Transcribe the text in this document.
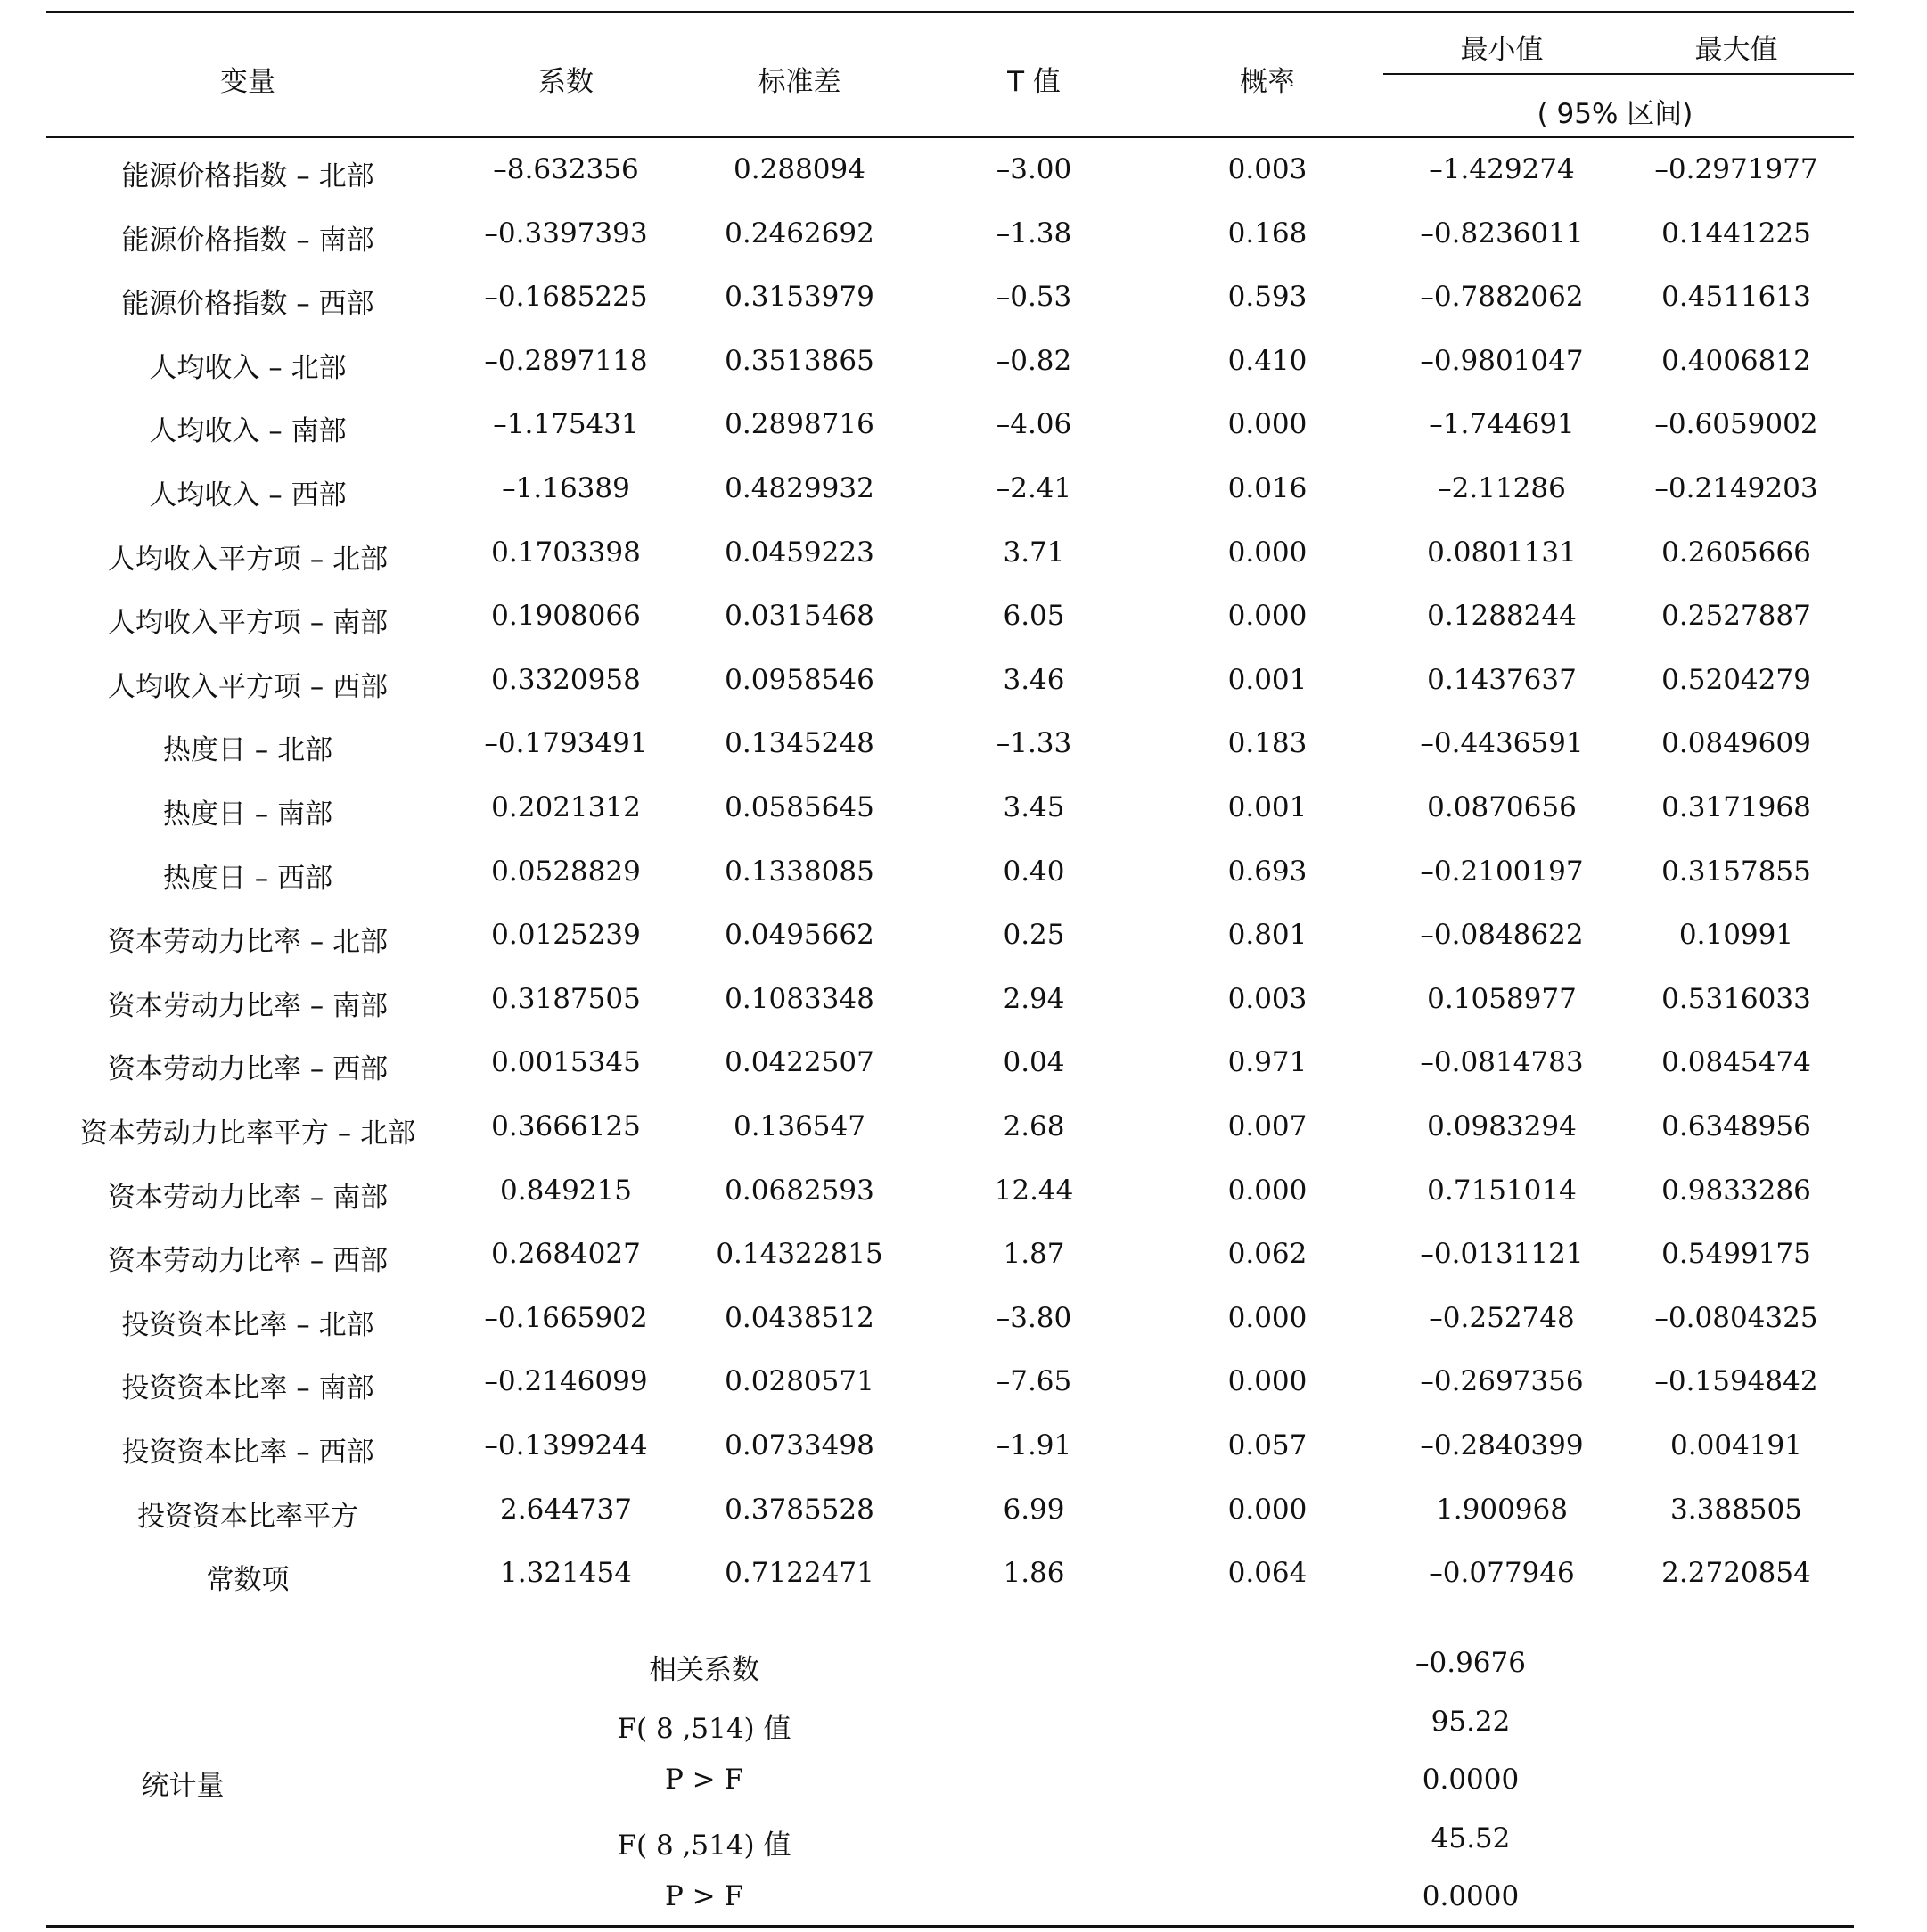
变量	系数	标准差	T 值	概率
最小值	最大值
( 95% 区间)
能源价格指数 – 北部	–8.632356	0.288094	–3.00	0.003	–1.429274	–0.2971977
能源价格指数 – 南部	–0.3397393	0.2462692	–1.38	0.168	–0.8236011	0.1441225
能源价格指数 – 西部	–0.1685225	0.3153979	–0.53	0.593	–0.7882062	0.4511613
人均收入 – 北部	–0.2897118	0.3513865	–0.82	0.410	–0.9801047	0.4006812
人均收入 – 南部	–1.175431	0.2898716	–4.06	0.000	–1.744691	–0.6059002
人均收入 – 西部	–1.16389	0.4829932	–2.41	0.016	–2.11286	–0.2149203
人均收入平方项 – 北部	0.1703398	0.0459223	3.71	0.000	0.0801131	0.2605666
人均收入平方项 – 南部	0.1908066	0.0315468	6.05	0.000	0.1288244	0.2527887
人均收入平方项 – 西部	0.3320958	0.0958546	3.46	0.001	0.1437637	0.5204279
热度日 – 北部	–0.1793491	0.1345248	–1.33	0.183	–0.4436591	0.0849609
热度日 – 南部	0.2021312	0.0585645	3.45	0.001	0.0870656	0.3171968
热度日 – 西部	0.0528829	0.1338085	0.40	0.693	–0.2100197	0.3157855
资本劳动力比率 – 北部	0.0125239	0.0495662	0.25	0.801	–0.0848622	0.10991
资本劳动力比率 – 南部	0.3187505	0.1083348	2.94	0.003	0.1058977	0.5316033
资本劳动力比率 – 西部	0.0015345	0.0422507	0.04	0.971	–0.0814783	0.0845474
资本劳动力比率平方 – 北部	0.3666125	0.136547	2.68	0.007	0.0983294	0.6348956
资本劳动力比率 – 南部	0.849215	0.0682593	12.44	0.000	0.7151014	0.9833286
资本劳动力比率 – 西部	0.2684027	0.14322815	1.87	0.062	–0.0131121	0.5499175
投资资本比率 – 北部	–0.1665902	0.0438512	–3.80	0.000	–0.252748	–0.0804325
投资资本比率 – 南部	–0.2146099	0.0280571	–7.65	0.000	–0.2697356	–0.1594842
投资资本比率 – 西部	–0.1399244	0.0733498	–1.91	0.057	–0.2840399	0.004191
投资资本比率平方	2.644737	0.3785528	6.99	0.000	1.900968	3.388505
常数项	1.321454	0.7122471	1.86	0.064	–0.077946	2.2720854
统计量
相关系数	–0.9676
F( 8 ,514) 值	95.22
P > F	0.0000
F( 8 ,514) 值	45.52
P > F	0.0000
